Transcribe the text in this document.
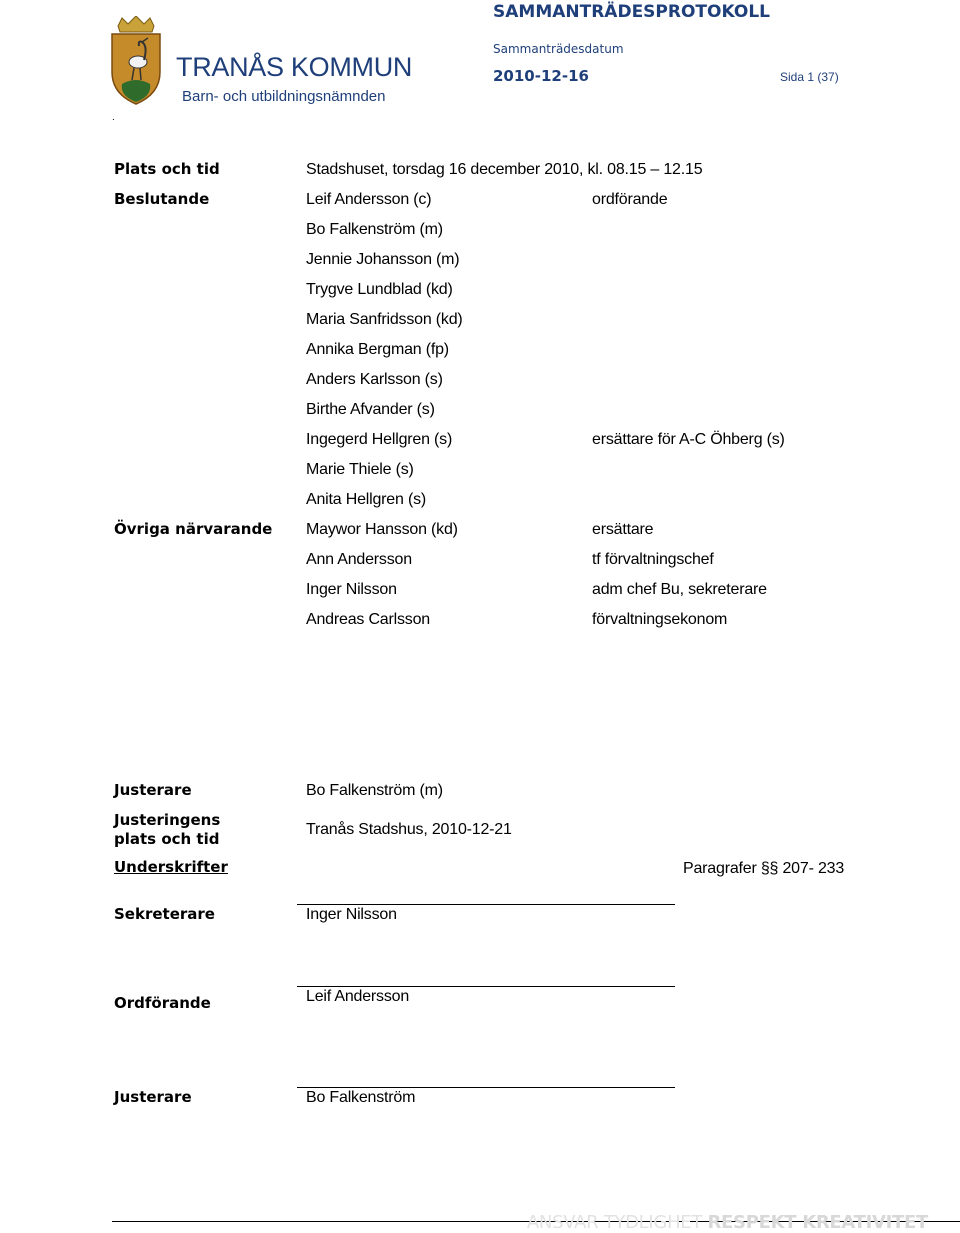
TRANÅS KOMMUN
Barn- och utbildningsnämnden
SAMMANTRÄDESPROTOKOLL
Sammanträdesdatum
2010-12-16	Sida 1 (37)
.
Plats och tid	Stadshuset, torsdag 16 december 2010, kl. 08.15 – 12.15
Beslutande	Leif Andersson (c)	ordförande
Bo Falkenström (m)
Jennie Johansson (m)
Trygve Lundblad (kd)
Maria Sanfridsson (kd)
Annika Bergman (fp)
Anders Karlsson (s)
Birthe Afvander (s)
Ingegerd Hellgren (s)	ersättare för A-C Öhberg (s)
Marie Thiele (s)
Anita Hellgren (s)
Övriga närvarande Maywor Hansson (kd)	ersättare
Ann Andersson	tf förvaltningschef
Inger Nilsson	adm chef Bu, sekreterare
Andreas Carlsson	förvaltningsekonom
Justerare	Bo Falkenström (m)
Justeringens
plats och tid
Tranås Stadshus, 2010-12-21
Underskrifter	Paragrafer §§ 207- 233
Sekreterare	Inger Nilsson
Ordförande	Leif Andersson
Justerare	Bo Falkenström
ANSVAR TYDLIGHET RESPEKT KREATIVITET
